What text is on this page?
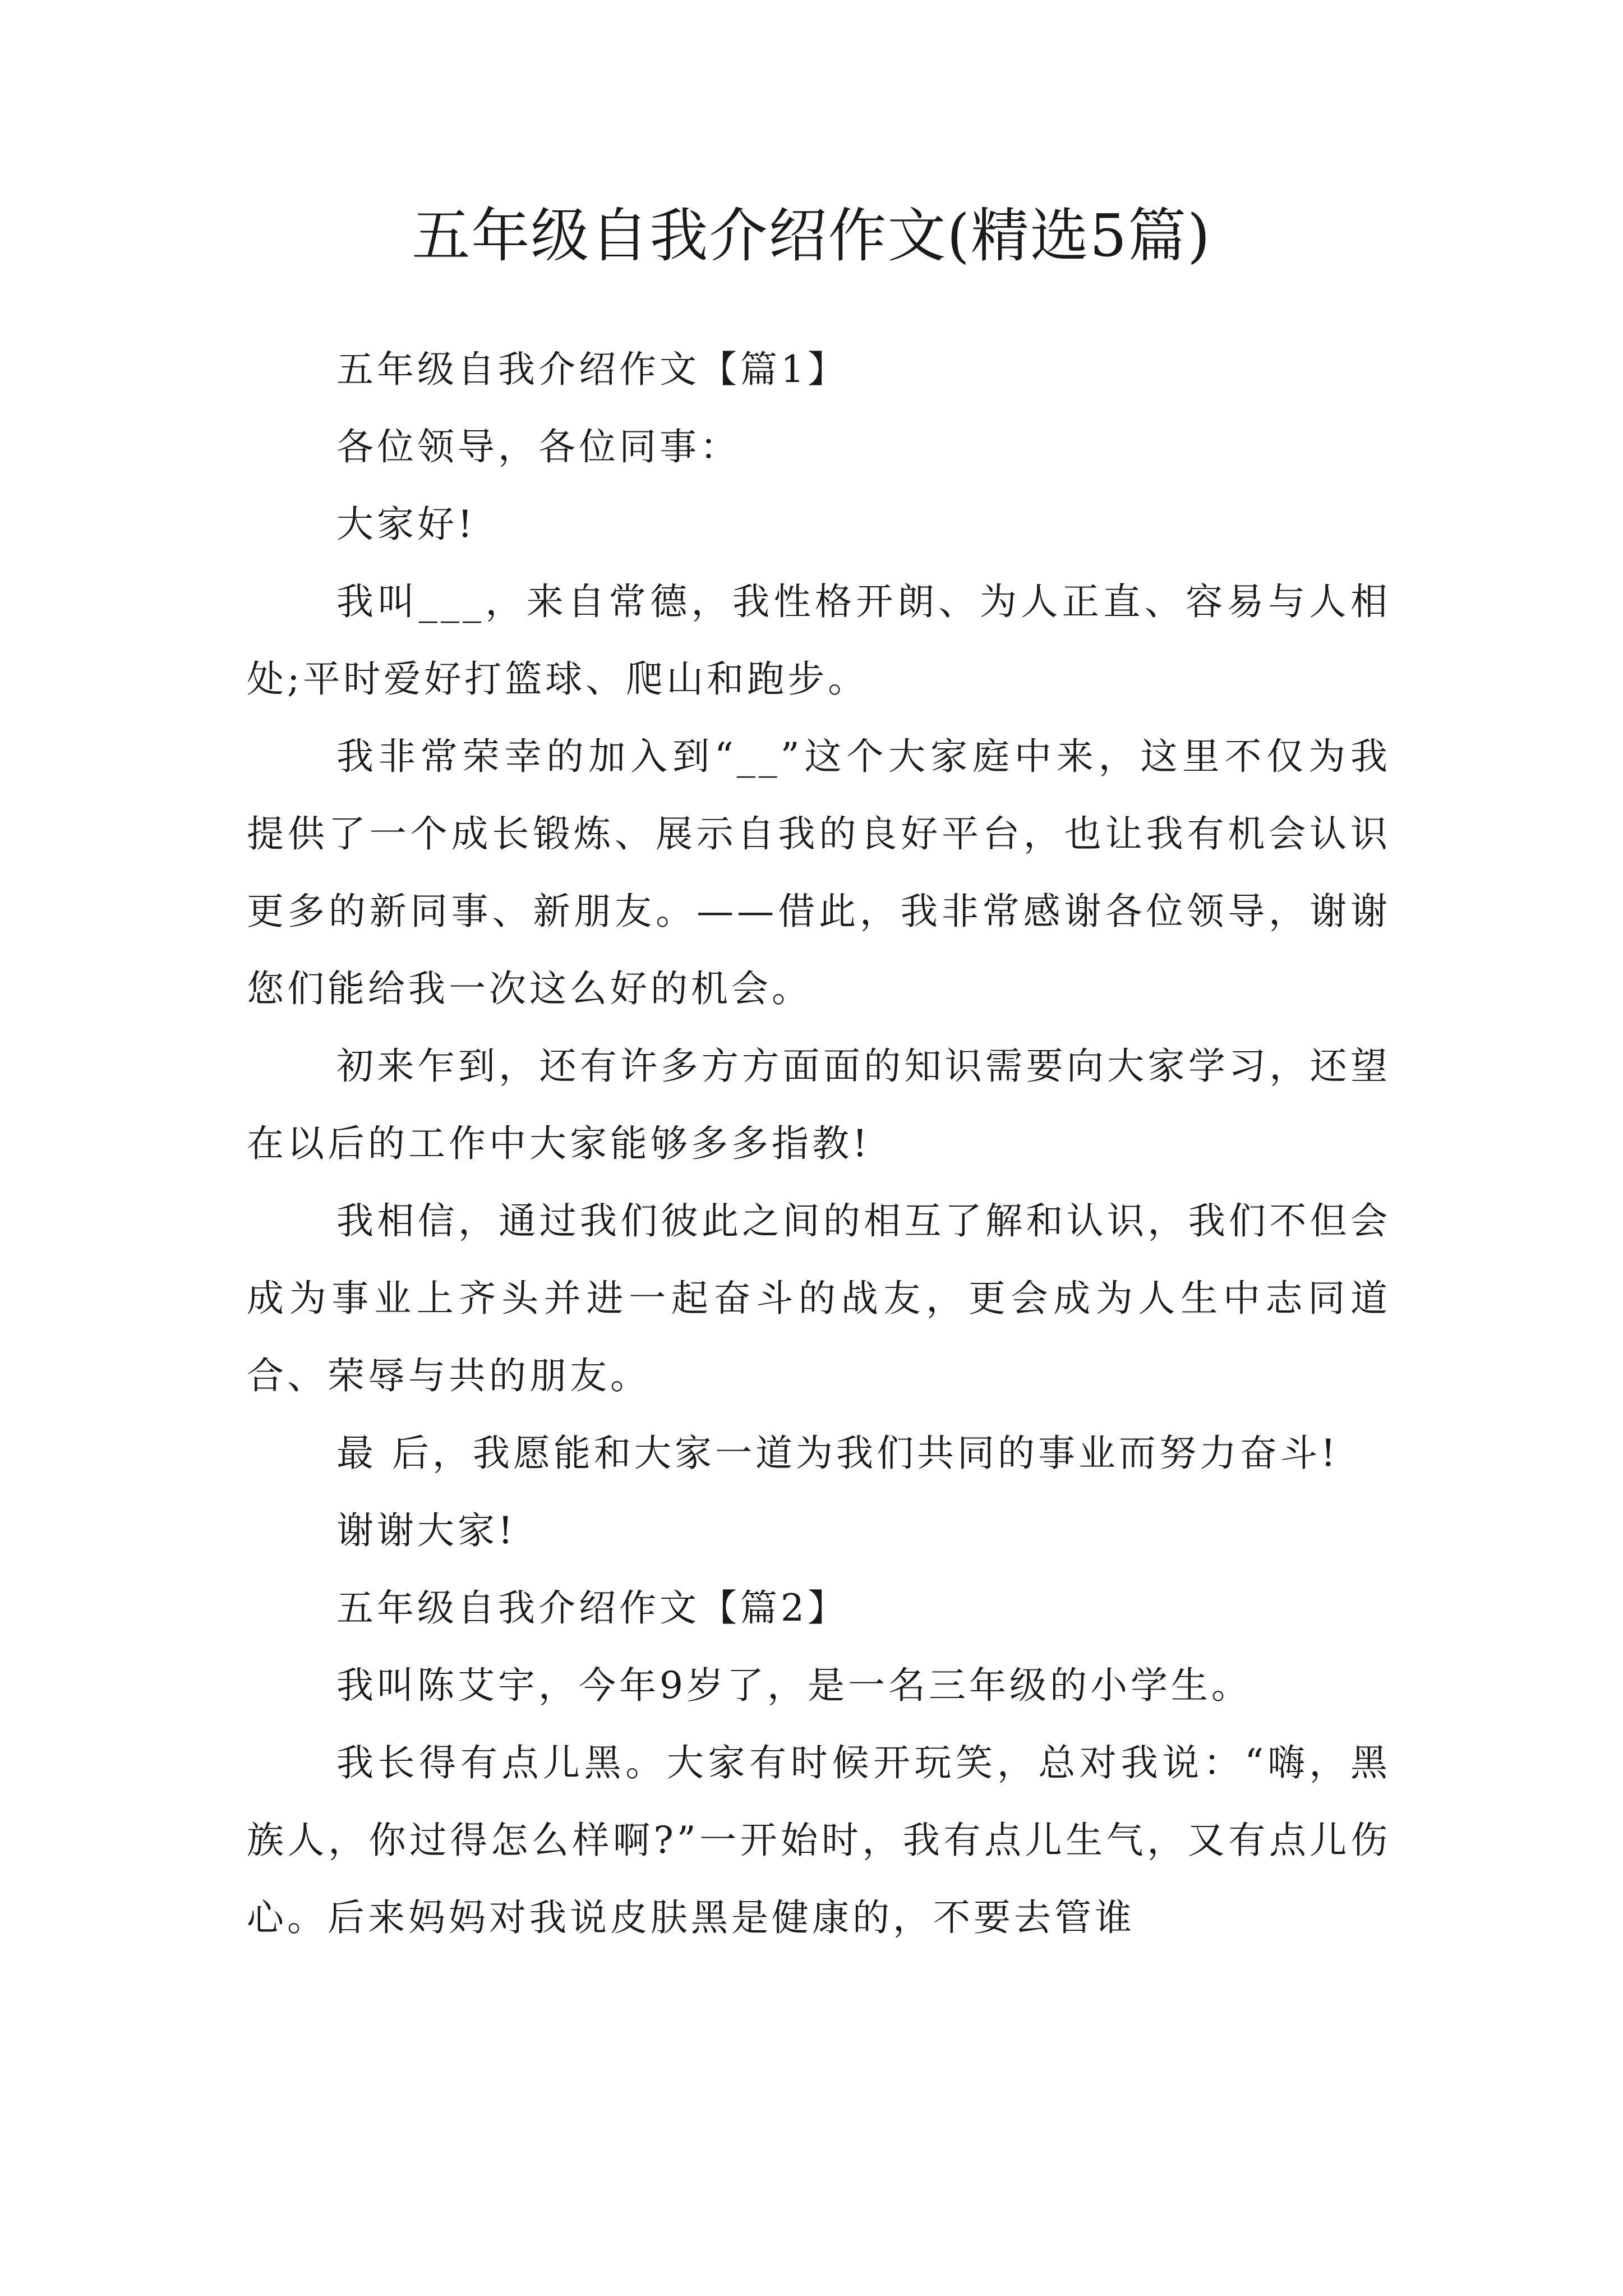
五年级自我介绍作文(精选5篇)

五年级自我介绍作文【篇1】

各位领导，各位同事：

大家好!

我叫___，来自常德，我性格开朗、为人正直、容易与人相处;平时爱好打篮球、爬山和跑步。

我非常荣幸的加入到“__”这个大家庭中来，这里不仅为我提供了一个成长锻炼、展示自我的良好平台，也让我有机会认识更多的新同事、新朋友。——借此，我非常感谢各位领导，谢谢您们能给我一次这么好的机会。

初来乍到，还有许多方方面面的知识需要向大家学习，还望在以后的工作中大家能够多多指教!

我相信，通过我们彼此之间的相互了解和认识，我们不但会成为事业上齐头并进一起奋斗的战友，更会成为人生中志同道合、荣辱与共的朋友。

最 后，我愿能和大家一道为我们共同的事业而努力奋斗!

谢谢大家!

五年级自我介绍作文【篇2】

我叫陈艾宇，今年9岁了，是一名三年级的小学生。

我长得有点儿黑。大家有时候开玩笑，总对我说：“嗨，黑族人，你过得怎么样啊?”一开始时，我有点儿生气，又有点儿伤心。后来妈妈对我说皮肤黑是健康的，不要去管谁
